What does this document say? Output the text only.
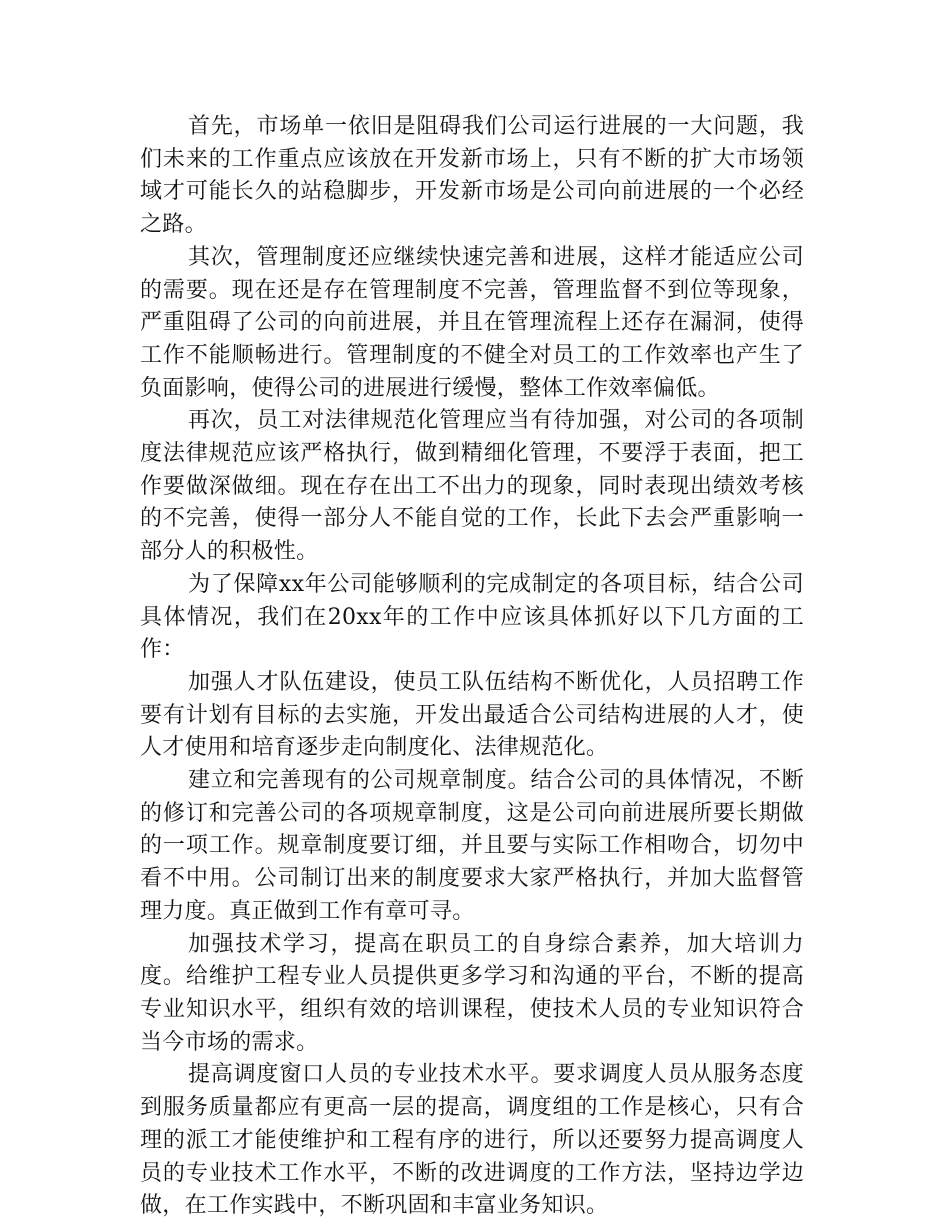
首先，市场单一依旧是阻碍我们公司运行进展的一大问题，我们未来的工作重点应该放在开发新市场上，只有不断的扩大市场领域才可能长久的站稳脚步，开发新市场是公司向前进展的一个必经之路。

其次，管理制度还应继续快速完善和进展，这样才能适应公司的需要。现在还是存在管理制度不完善，管理监督不到位等现象，严重阻碍了公司的向前进展，并且在管理流程上还存在漏洞，使得工作不能顺畅进行。管理制度的不健全对员工的工作效率也产生了负面影响，使得公司的进展进行缓慢，整体工作效率偏低。

再次，员工对法律规范化管理应当有待加强，对公司的各项制度法律规范应该严格执行，做到精细化管理，不要浮于表面，把工作要做深做细。现在存在出工不出力的现象，同时表现出绩效考核的不完善，使得一部分人不能自觉的工作，长此下去会严重影响一部分人的积极性。

为了保障xx年公司能够顺利的完成制定的各项目标，结合公司具体情况，我们在20xx年的工作中应该具体抓好以下几方面的工作：

加强人才队伍建设，使员工队伍结构不断优化，人员招聘工作要有计划有目标的去实施，开发出最适合公司结构进展的人才，使人才使用和培育逐步走向制度化、法律规范化。

建立和完善现有的公司规章制度。结合公司的具体情况，不断的修订和完善公司的各项规章制度，这是公司向前进展所要长期做的一项工作。规章制度要订细，并且要与实际工作相吻合，切勿中看不中用。公司制订出来的制度要求大家严格执行，并加大监督管理力度。真正做到工作有章可寻。

加强技术学习，提高在职员工的自身综合素养，加大培训力度。给维护工程专业人员提供更多学习和沟通的平台，不断的提高专业知识水平，组织有效的培训课程，使技术人员的专业知识符合当今市场的需求。

提高调度窗口人员的专业技术水平。要求调度人员从服务态度到服务质量都应有更高一层的提高，调度组的工作是核心，只有合理的派工才能使维护和工程有序的进行，所以还要努力提高调度人员的专业技术工作水平，不断的改进调度的工作方法，坚持边学边做，在工作实践中，不断巩固和丰富业务知识。
